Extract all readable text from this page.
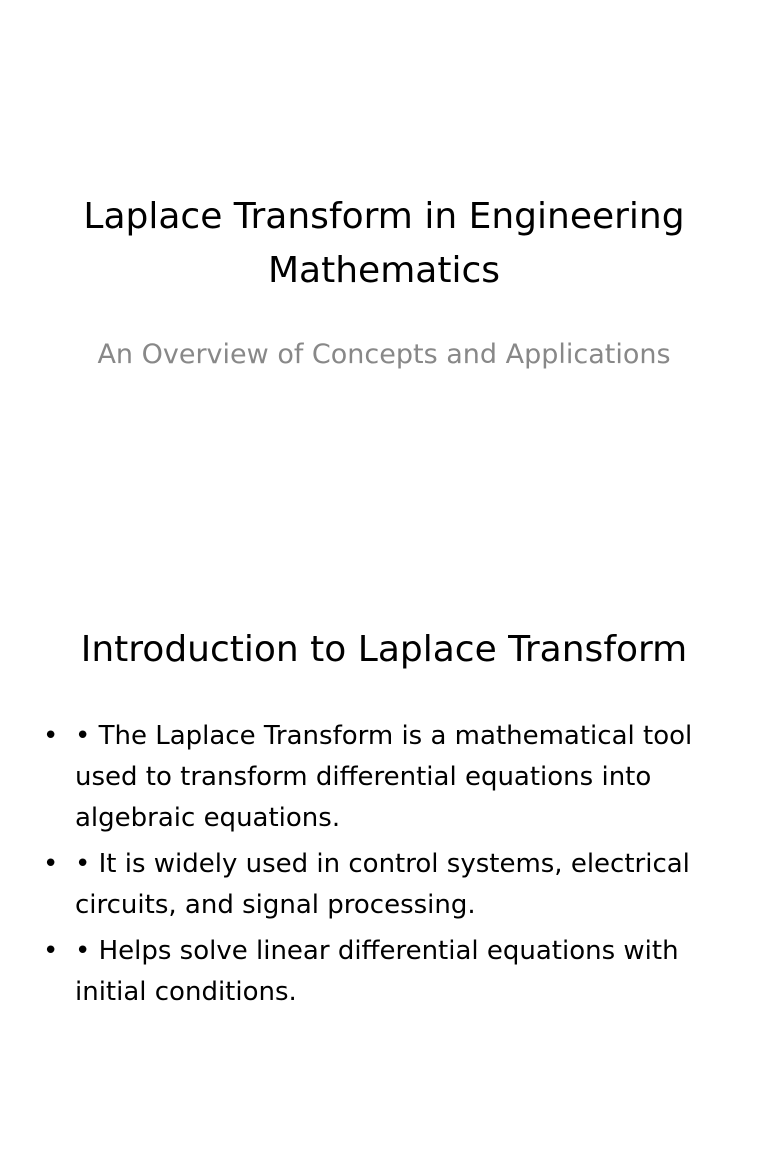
Laplace Transform in Engineering Mathematics
An Overview of Concepts and Applications
Introduction to Laplace Transform
• • The Laplace Transform is a mathematical tool used to transform differential equations into algebraic equations.
• • It is widely used in control systems, electrical circuits, and signal processing.
• • Helps solve linear differential equations with initial conditions.
